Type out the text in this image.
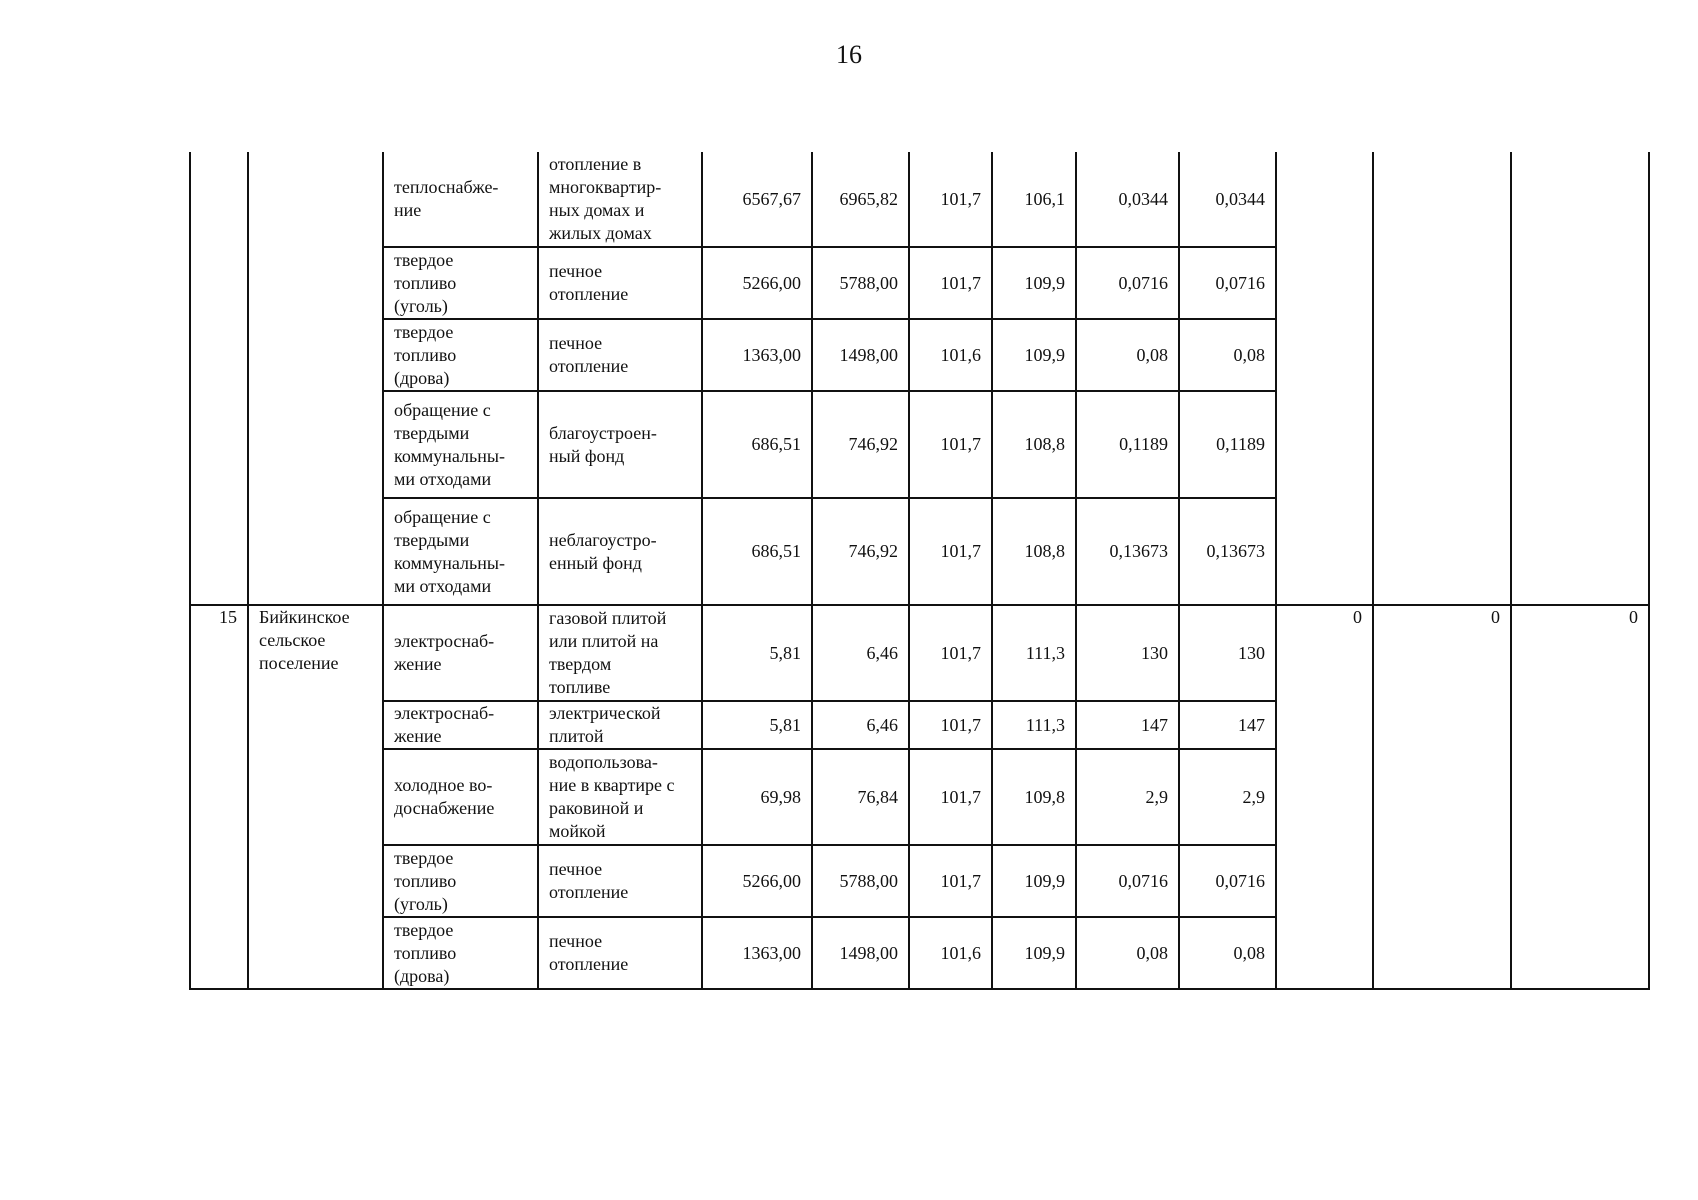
16
		теплоснабже-
ние	отопление в
многоквартир-
ных домах и
жилых домах	6567,67	6965,82	101,7	106,1	0,0344	0,0344			
		твердое
топливо
(уголь)	печное
отопление	5266,00	5788,00	101,7	109,9	0,0716	0,0716			
		твердое
топливо
(дрова)	печное
отопление	1363,00	1498,00	101,6	109,9	0,08	0,08			
		обращение с
твердыми
коммунальны-
ми отходами	благоустроен-
ный фонд	686,51	746,92	101,7	108,8	0,1189	0,1189			
		обращение с
твердыми
коммунальны-
ми отходами	неблагоустро-
енный фонд	686,51	746,92	101,7	108,8	0,13673	0,13673			
15	Бийкинское
сельское
поселение	электроснаб-
жение	газовой плитой
или плитой на
твердом
топливе	5,81	6,46	101,7	111,3	130	130	0	0	0
		электроснаб-
жение	электрической
плитой	5,81	6,46	101,7	111,3	147	147			
		холодное во-
доснабжение	водопользова-
ние в квартире с
раковиной и
мойкой	69,98	76,84	101,7	109,8	2,9	2,9			
		твердое
топливо
(уголь)	печное
отопление	5266,00	5788,00	101,7	109,9	0,0716	0,0716			
		твердое
топливо
(дрова)	печное
отопление	1363,00	1498,00	101,6	109,9	0,08	0,08			
